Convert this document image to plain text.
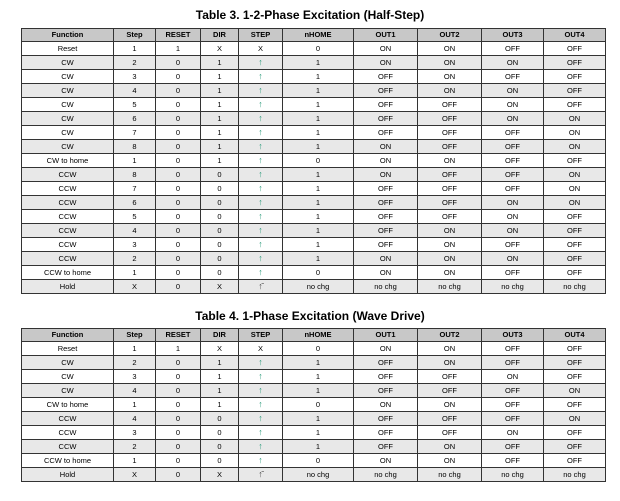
Table 3. 1-2-Phase Excitation (Half-Step)
Function	Step	RESET	DIR	STEP	nHOME	OUT1	OUT2	OUT3	OUT4
Reset	1	1	X	X	0	ON	ON	OFF	OFF
CW	2	0	1	↑	1	ON	ON	ON	OFF
CW	3	0	1	↑	1	OFF	ON	OFF	OFF
CW	4	0	1	↑	1	OFF	ON	ON	OFF
CW	5	0	1	↑	1	OFF	OFF	ON	OFF
CW	6	0	1	↑	1	OFF	OFF	ON	ON
CW	7	0	1	↑	1	OFF	OFF	OFF	ON
CW	8	0	1	↑	1	ON	OFF	OFF	ON
CW to home	1	0	1	↑	0	ON	ON	OFF	OFF
CCW	8	0	0	↑	1	ON	OFF	OFF	ON
CCW	7	0	0	↑	1	OFF	OFF	OFF	ON
CCW	6	0	0	↑	1	OFF	OFF	ON	ON
CCW	5	0	0	↑	1	OFF	OFF	ON	OFF
CCW	4	0	0	↑	1	OFF	ON	ON	OFF
CCW	3	0	0	↑	1	OFF	ON	OFF	OFF
CCW	2	0	0	↑	1	ON	ON	ON	OFF
CCW to home	1	0	0	↑	0	ON	ON	OFF	OFF
Hold	X	0	X	↑̄	no chg	no chg	no chg	no chg	no chg
Table 4. 1-Phase Excitation (Wave Drive)
Function	Step	RESET	DIR	STEP	nHOME	OUT1	OUT2	OUT3	OUT4
Reset	1	1	X	X	0	ON	ON	OFF	OFF
CW	2	0	1	↑	1	OFF	ON	OFF	OFF
CW	3	0	1	↑	1	OFF	OFF	ON	OFF
CW	4	0	1	↑	1	OFF	OFF	OFF	ON
CW to home	1	0	1	↑	0	ON	ON	OFF	OFF
CCW	4	0	0	↑	1	OFF	OFF	OFF	ON
CCW	3	0	0	↑	1	OFF	OFF	ON	OFF
CCW	2	0	0	↑	1	OFF	ON	OFF	OFF
CCW to home	1	0	0	↑	0	ON	ON	OFF	OFF
Hold	X	0	X	↑̄	no chg	no chg	no chg	no chg	no chg
